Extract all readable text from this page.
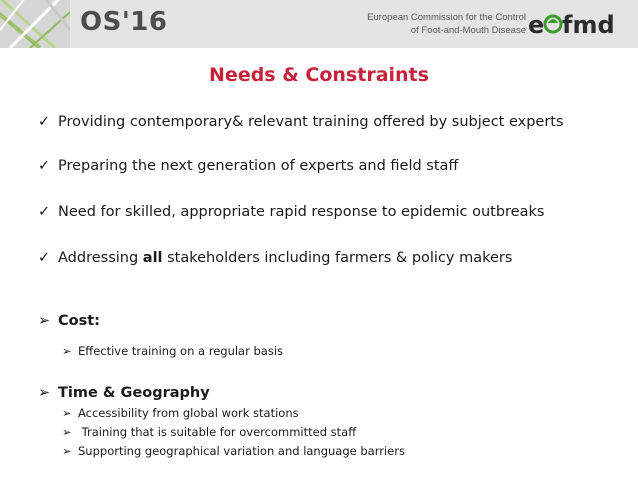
OS'16	European Commission for the Control
of Foot-and-Mouth Disease e fmd
Needs & Constraints
✓ Providing contemporary& relevant training offered by subject experts
✓ Preparing the next generation of experts and field staff
✓ Need for skilled, appropriate rapid response to epidemic outbreaks
✓ Addressing all stakeholders including farmers & policy makers
➢ Cost:
➢ Effective training on a regular basis
➢ Time & Geography
➢ Accessibility from global work stations
➢ Training that is suitable for overcommitted staff
➢ Supporting geographical variation and language barriers
